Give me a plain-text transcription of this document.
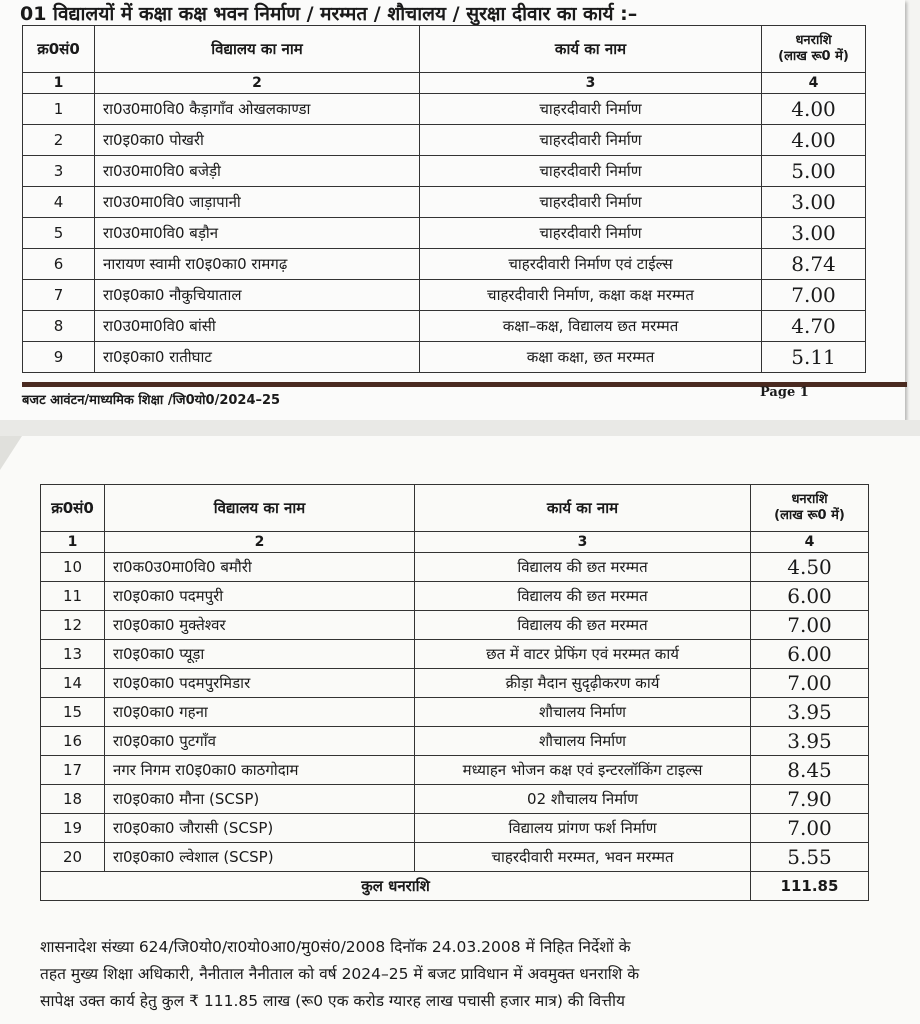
01 विद्यालयों में कक्षा कक्ष भवन निर्माण / मरम्मत / शौचालय / सुरक्षा दीवार का कार्य :–
क्र0सं0	विद्यालय का नाम	कार्य का नाम	धनराशि
(लाख रू0 में)
1	2	3	4
1	रा0उ0मा0वि0 कैड़ागाँव ओखलकाण्डा	चाहरदीवारी निर्माण	4.00
2	रा0इ0का0 पोखरी	चाहरदीवारी निर्माण	4.00
3	रा0उ0मा0वि0 बजेड़ी	चाहरदीवारी निर्माण	5.00
4	रा0उ0मा0वि0 जाड़ापानी	चाहरदीवारी निर्माण	3.00
5	रा0उ0मा0वि0 बड़ौन	चाहरदीवारी निर्माण	3.00
6	नारायण स्वामी रा0इ0का0 रामगढ़	चाहरदीवारी निर्माण एवं टाईल्स	8.74
7	रा0इ0का0 नौकुचियाताल	चाहरदीवारी निर्माण, कक्षा कक्ष मरम्मत	7.00
8	रा0उ0मा0वि0 बांसी	कक्षा–कक्ष, विद्यालय छत मरम्मत	4.70
9	रा0इ0का0 रातीघाट	कक्षा कक्षा, छत मरम्मत	5.11
बजट आवंटन/माध्यमिक शिक्षा /जि0यो0/2024–25
Page 1
क्र0सं0	विद्यालय का नाम	कार्य का नाम	धनराशि
(लाख रू0 में)
1	2	3	4
10	रा0क0उ0मा0वि0 बमौरी	विद्यालय की छत मरम्मत	4.50
11	रा0इ0का0 पदमपुरी	विद्यालय की छत मरम्मत	6.00
12	रा0इ0का0 मुक्तेश्वर	विद्यालय की छत मरम्मत	7.00
13	रा0इ0का0 प्यूड़ा	छत में वाटर प्रेफिंग एवं मरम्मत कार्य	6.00
14	रा0इ0का0 पदमपुरमिडार	क्रीड़ा मैदान सुदृढ़ीकरण कार्य	7.00
15	रा0इ0का0 गहना	शौचालय निर्माण	3.95
16	रा0इ0का0 पुटगाँव	शौचालय निर्माण	3.95
17	नगर निगम रा0इ0का0 काठगोदाम	मध्याहन भोजन कक्ष एवं इन्टरलॉकिंग टाइल्स	8.45
18	रा0इ0का0 मौना (SCSP)	02 शौचालय निर्माण	7.90
19	रा0इ0का0 जौरासी (SCSP)	विद्यालय प्रांगण फर्श निर्माण	7.00
20	रा0इ0का0 ल्वेशाल (SCSP)	चाहरदीवारी मरम्मत, भवन मरम्मत	5.55
कुल धनराशि			111.85

शासनादेश संख्या 624/जि0यो0/रा0यो0आ0/मु0सं0/2008 दिनॉक 24.03.2008 में निहित निर्देशों के

तहत मुख्य शिक्षा अधिकारी, नैनीताल नैनीताल को वर्ष 2024–25 में बजट प्राविधान में अवमुक्त धनराशि के

सापेक्ष उक्त कार्य हेतु कुल ₹ 111.85 लाख (रू0 एक करोड ग्यारह लाख पचासी हजार मात्र) की वित्तीय
